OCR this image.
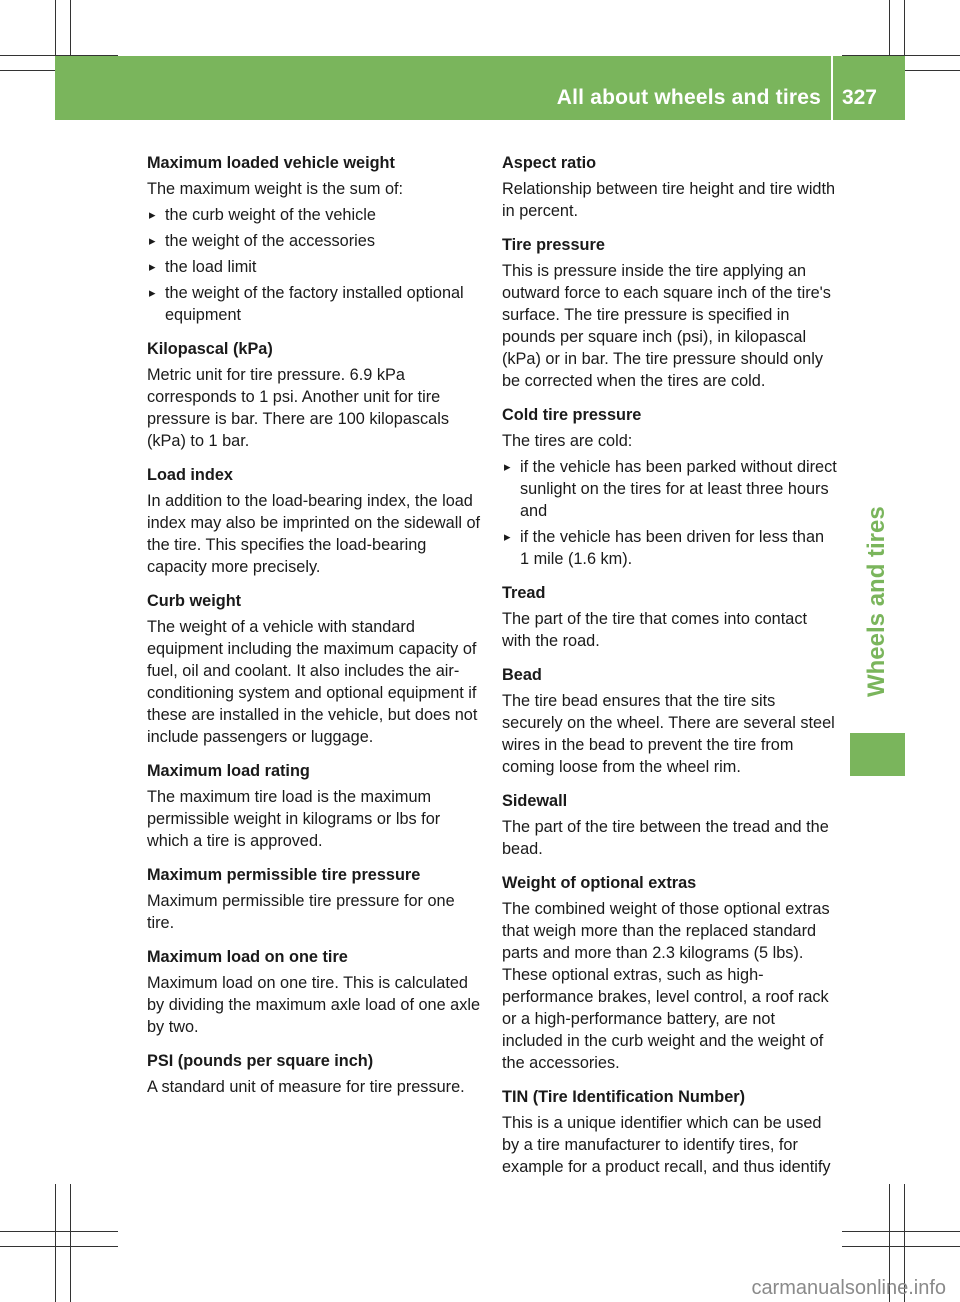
All about wheels and tires 327
Wheels and tires
Maximum loaded vehicle weight
The maximum weight is the sum of:
▸ the curb weight of the vehicle
▸ the weight of the accessories
▸ the load limit
▸ the weight of the factory installed optional equipment
Kilopascal (kPa)
Metric unit for tire pressure. 6.9 kPa corresponds to 1 psi. Another unit for tire pressure is bar. There are 100 kilopascals (kPa) to 1 bar.
Load index
In addition to the load-bearing index, the load index may also be imprinted on the sidewall of the tire. This specifies the load-bearing capacity more precisely.
Curb weight
The weight of a vehicle with standard equipment including the maximum capacity of fuel, oil and coolant. It also includes the air-conditioning system and optional equipment if these are installed in the vehicle, but does not include passengers or luggage.
Maximum load rating
The maximum tire load is the maximum permissible weight in kilograms or lbs for which a tire is approved.
Maximum permissible tire pressure
Maximum permissible tire pressure for one tire.
Maximum load on one tire
Maximum load on one tire. This is calculated by dividing the maximum axle load of one axle by two.
PSI (pounds per square inch)
A standard unit of measure for tire pressure.
Aspect ratio
Relationship between tire height and tire width in percent.
Tire pressure
This is pressure inside the tire applying an outward force to each square inch of the tire's surface. The tire pressure is specified in pounds per square inch (psi), in kilopascal (kPa) or in bar. The tire pressure should only be corrected when the tires are cold.
Cold tire pressure
The tires are cold:
▸ if the vehicle has been parked without direct sunlight on the tires for at least three hours and
▸ if the vehicle has been driven for less than 1 mile (1.6 km).
Tread
The part of the tire that comes into contact with the road.
Bead
The tire bead ensures that the tire sits securely on the wheel. There are several steel wires in the bead to prevent the tire from coming loose from the wheel rim.
Sidewall
The part of the tire between the tread and the bead.
Weight of optional extras
The combined weight of those optional extras that weigh more than the replaced standard parts and more than 2.3 kilograms (5 lbs). These optional extras, such as high-performance brakes, level control, a roof rack or a high-performance battery, are not included in the curb weight and the weight of the accessories.
TIN (Tire Identification Number)
This is a unique identifier which can be used by a tire manufacturer to identify tires, for example for a product recall, and thus identify
carmanualsonline.info
